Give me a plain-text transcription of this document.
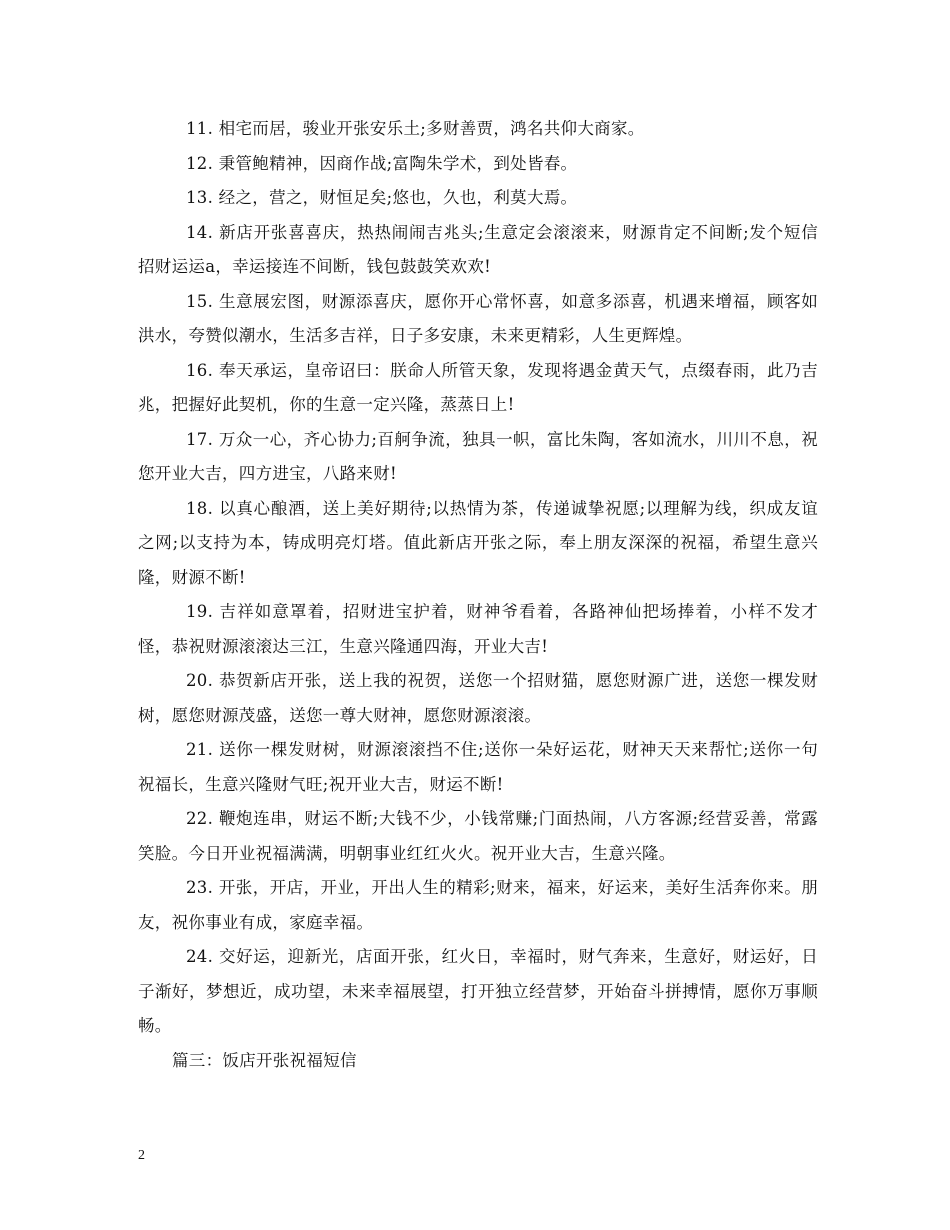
11. 相宅而居，骏业开张安乐土;多财善贾，鸿名共仰大商家。

12. 秉管鲍精神，因商作战;富陶朱学术，到处皆春。

13. 经之，营之，财恒足矣;悠也，久也，利莫大焉。

14. 新店开张喜喜庆，热热闹闹吉兆头;生意定会滚滚来，财源肯定不间断;发个短信招财运运a，幸运接连不间断，钱包鼓鼓笑欢欢!

15. 生意展宏图，财源添喜庆，愿你开心常怀喜，如意多添喜，机遇来增福，顾客如洪水，夸赞似潮水，生活多吉祥，日子多安康，未来更精彩，人生更辉煌。

16. 奉天承运，皇帝诏曰：朕命人所管天象，发现将遇金黄天气，点缀春雨，此乃吉兆，把握好此契机，你的生意一定兴隆，蒸蒸日上!

17. 万众一心，齐心协力;百舸争流，独具一帜，富比朱陶，客如流水，川川不息，祝您开业大吉，四方进宝，八路来财!

18. 以真心酿酒，送上美好期待;以热情为茶，传递诚挚祝愿;以理解为线，织成友谊之网;以支持为本，铸成明亮灯塔。值此新店开张之际，奉上朋友深深的祝福，希望生意兴隆，财源不断!

19. 吉祥如意罩着，招财进宝护着，财神爷看着，各路神仙把场捧着，小样不发才怪，恭祝财源滚滚达三江，生意兴隆通四海，开业大吉!

20. 恭贺新店开张，送上我的祝贺，送您一个招财猫，愿您财源广进，送您一棵发财树，愿您财源茂盛，送您一尊大财神，愿您财源滚滚。

21. 送你一棵发财树，财源滚滚挡不住;送你一朵好运花，财神天天来帮忙;送你一句祝福长，生意兴隆财气旺;祝开业大吉，财运不断!

22. 鞭炮连串，财运不断;大钱不少，小钱常赚;门面热闹，八方客源;经营妥善，常露笑脸。今日开业祝福满满，明朝事业红红火火。祝开业大吉，生意兴隆。

23. 开张，开店，开业，开出人生的精彩;财来，福来，好运来，美好生活奔你来。朋友，祝你事业有成，家庭幸福。

24. 交好运，迎新光，店面开张，红火日，幸福时，财气奔来，生意好，财运好，日子渐好，梦想近，成功望，未来幸福展望，打开独立经营梦，开始奋斗拼搏情，愿你万事顺畅。

篇三：饭店开张祝福短信

2
